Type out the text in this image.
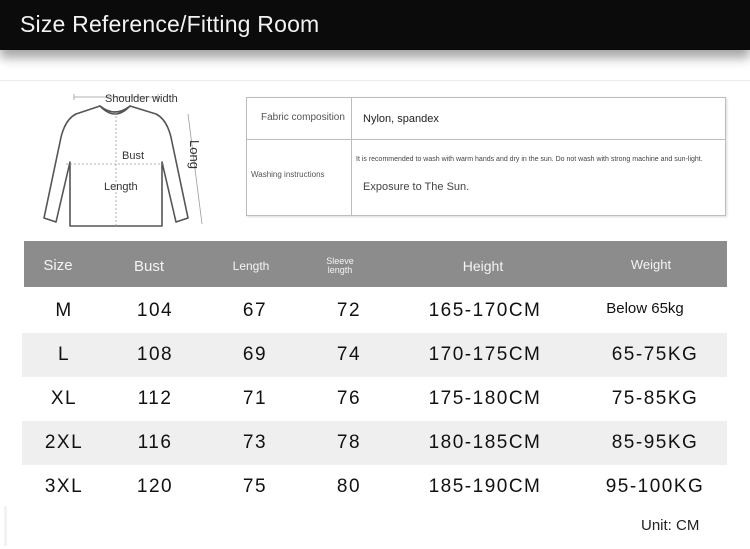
Size Reference/Fitting Room
Shoulder width
Bust
Length
Long
Fabric composition Nylon, spandex
Washing instructions
It is recommended to wash with warm hands and dry in the sun. Do not wash with strong machine and sun-light.
Exposure to The Sun.
Size	Bust	Length	Sleeve length	Height	Weight
M	104	67	72	165-170CM	Below 65kg
L	108	69	74	170-175CM	65-75KG
XL	112	71	76	175-180CM	75-85KG
2XL	116	73	78	180-185CM	85-95KG
3XL	120	75	80	185-190CM	95-100KG
Unit: CM
